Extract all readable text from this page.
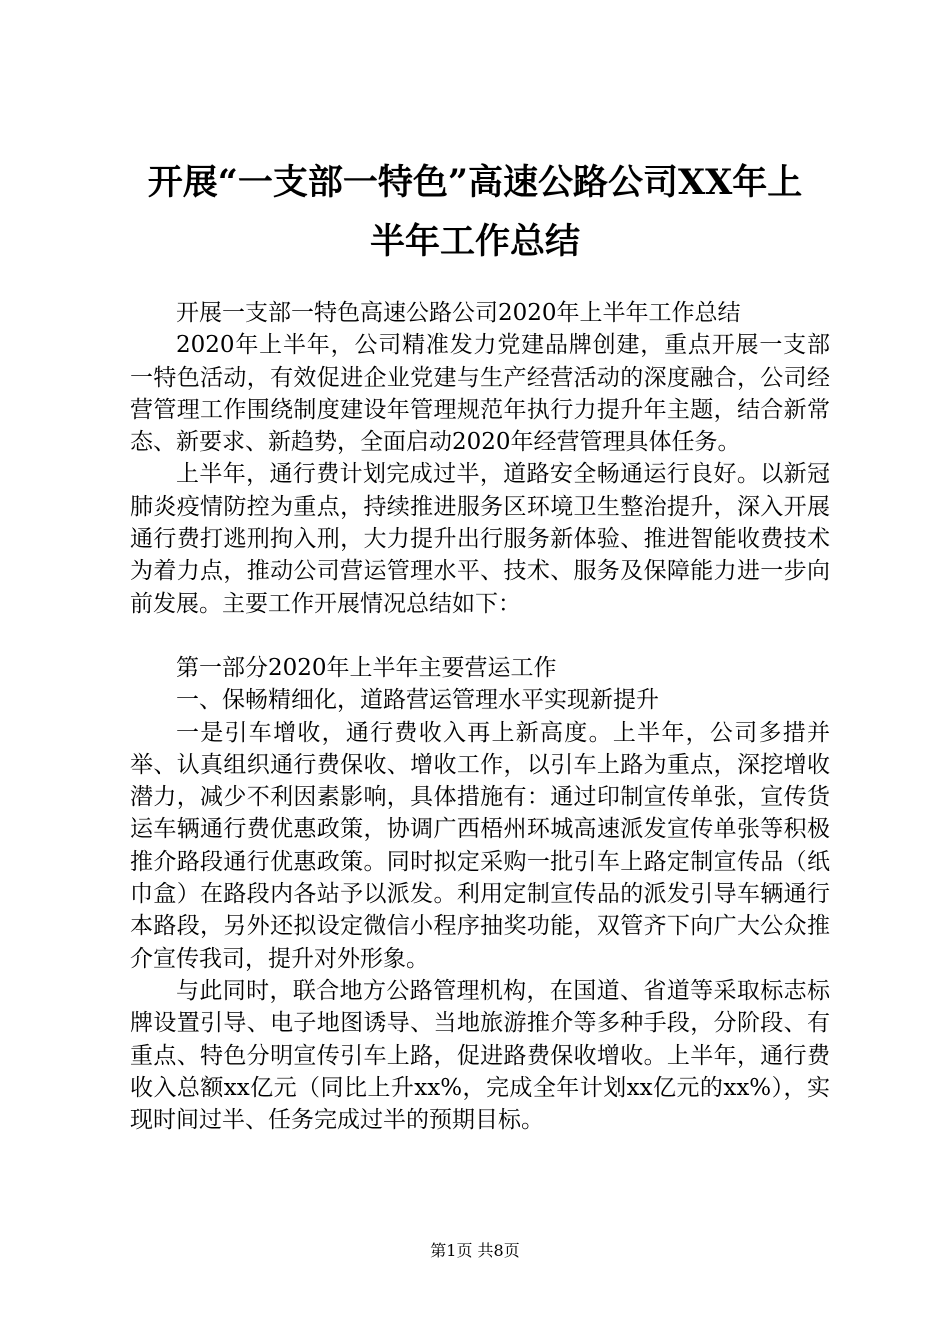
开展“一支部一特色”高速公路公司XX年上
半年工作总结

开展一支部一特色高速公路公司2020年上半年工作总结

2020年上半年，公司精准发力党建品牌创建，重点开展一支部一特色活动，有效促进企业党建与生产经营活动的深度融合，公司经营管理工作围绕制度建设年管理规范年执行力提升年主题，结合新常态、新要求、新趋势，全面启动2020年经营管理具体任务。

上半年，通行费计划完成过半，道路安全畅通运行良好。以新冠肺炎疫情防控为重点，持续推进服务区环境卫生整治提升，深入开展通行费打逃刑拘入刑，大力提升出行服务新体验、推进智能收费技术为着力点，推动公司营运管理水平、技术、服务及保障能力进一步向前发展。主要工作开展情况总结如下：

第一部分2020年上半年主要营运工作

一、保畅精细化，道路营运管理水平实现新提升

一是引车增收，通行费收入再上新高度。上半年，公司多措并举、认真组织通行费保收、增收工作，以引车上路为重点，深挖增收潜力，减少不利因素影响，具体措施有：通过印制宣传单张，宣传货运车辆通行费优惠政策，协调广西梧州环城高速派发宣传单张等积极推介路段通行优惠政策。同时拟定采购一批引车上路定制宣传品（纸巾盒）在路段内各站予以派发。利用定制宣传品的派发引导车辆通行本路段，另外还拟设定微信小程序抽奖功能，双管齐下向广大公众推介宣传我司，提升对外形象。

与此同时，联合地方公路管理机构，在国道、省道等采取标志标牌设置引导、电子地图诱导、当地旅游推介等多种手段，分阶段、有重点、特色分明宣传引车上路，促进路费保收增收。上半年，通行费收入总额xx亿元（同比上升xx%，完成全年计划xx亿元的xx%），实现时间过半、任务完成过半的预期目标。

第1页 共8页
